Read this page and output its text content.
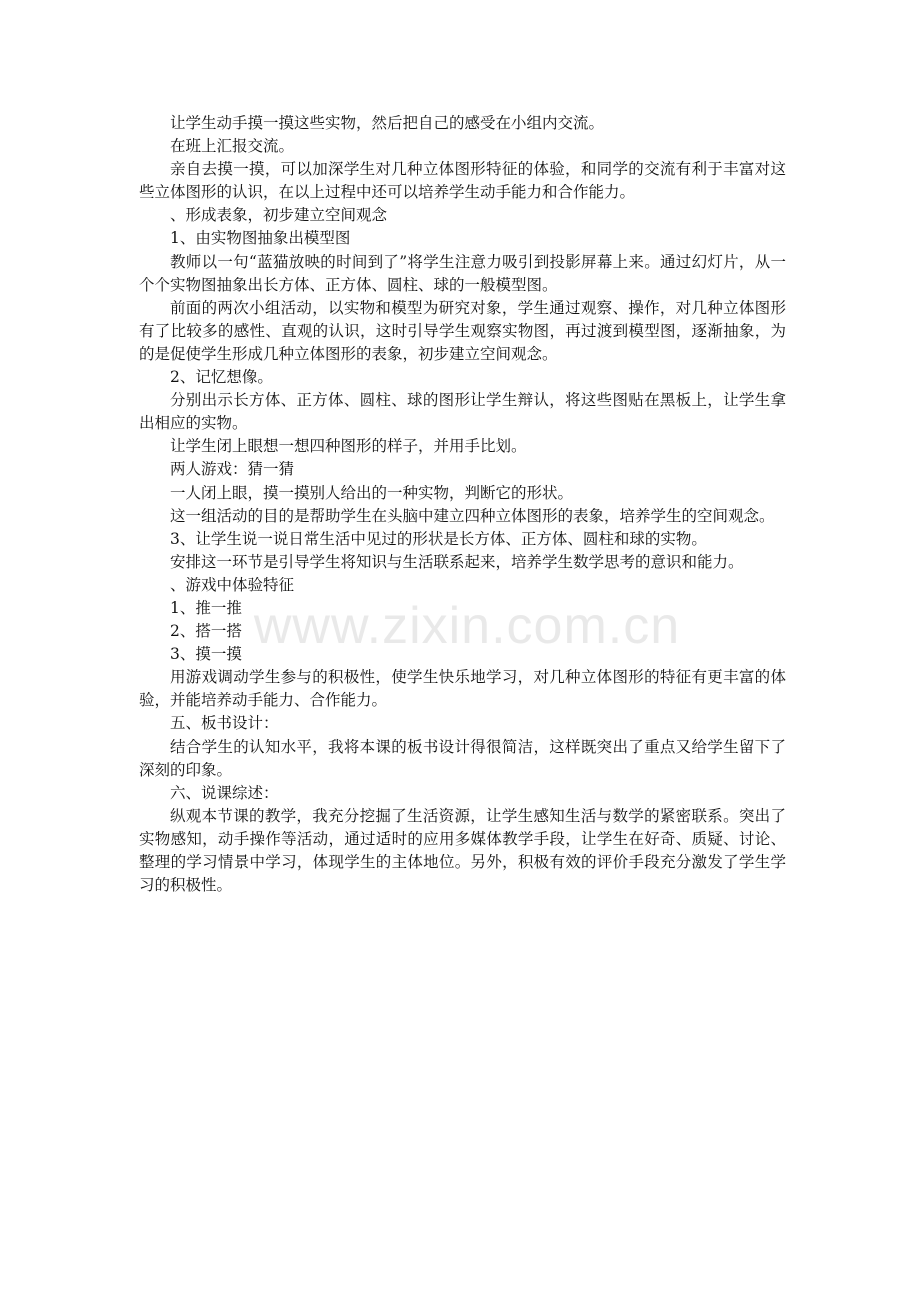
让学生动手摸一摸这些实物，然后把自己的感受在小组内交流。

在班上汇报交流。

亲自去摸一摸，可以加深学生对几种立体图形特征的体验，和同学的交流有利于丰富对这些立体图形的认识，在以上过程中还可以培养学生动手能力和合作能力。

、形成表象，初步建立空间观念

1、由实物图抽象出模型图

教师以一句“蓝猫放映的时间到了”将学生注意力吸引到投影屏幕上来。通过幻灯片，从一个个实物图抽象出长方体、正方体、圆柱、球的一般模型图。

前面的两次小组活动，以实物和模型为研究对象，学生通过观察、操作，对几种立体图形有了比较多的感性、直观的认识，这时引导学生观察实物图，再过渡到模型图，逐渐抽象，为的是促使学生形成几种立体图形的表象，初步建立空间观念。

2、记忆想像。

分别出示长方体、正方体、圆柱、球的图形让学生辩认，将这些图贴在黑板上，让学生拿出相应的实物。

让学生闭上眼想一想四种图形的样子，并用手比划。

两人游戏：猜一猜

一人闭上眼，摸一摸别人给出的一种实物，判断它的形状。

这一组活动的目的是帮助学生在头脑中建立四种立体图形的表象，培养学生的空间观念。

3、让学生说一说日常生活中见过的形状是长方体、正方体、圆柱和球的实物。

安排这一环节是引导学生将知识与生活联系起来，培养学生数学思考的意识和能力。

、游戏中体验特征

1、推一推

2、搭一搭

3、摸一摸

用游戏调动学生参与的积极性，使学生快乐地学习，对几种立体图形的特征有更丰富的体验，并能培养动手能力、合作能力。

五、板书设计：

结合学生的认知水平，我将本课的板书设计得很简洁，这样既突出了重点又给学生留下了深刻的印象。

六、说课综述：

纵观本节课的教学，我充分挖掘了生活资源，让学生感知生活与数学的紧密联系。突出了实物感知，动手操作等活动，通过适时的应用多媒体教学手段，让学生在好奇、质疑、讨论、整理的学习情景中学习，体现学生的主体地位。另外，积极有效的评价手段充分激发了学生学习的积极性。

www.zixin.com.cn
